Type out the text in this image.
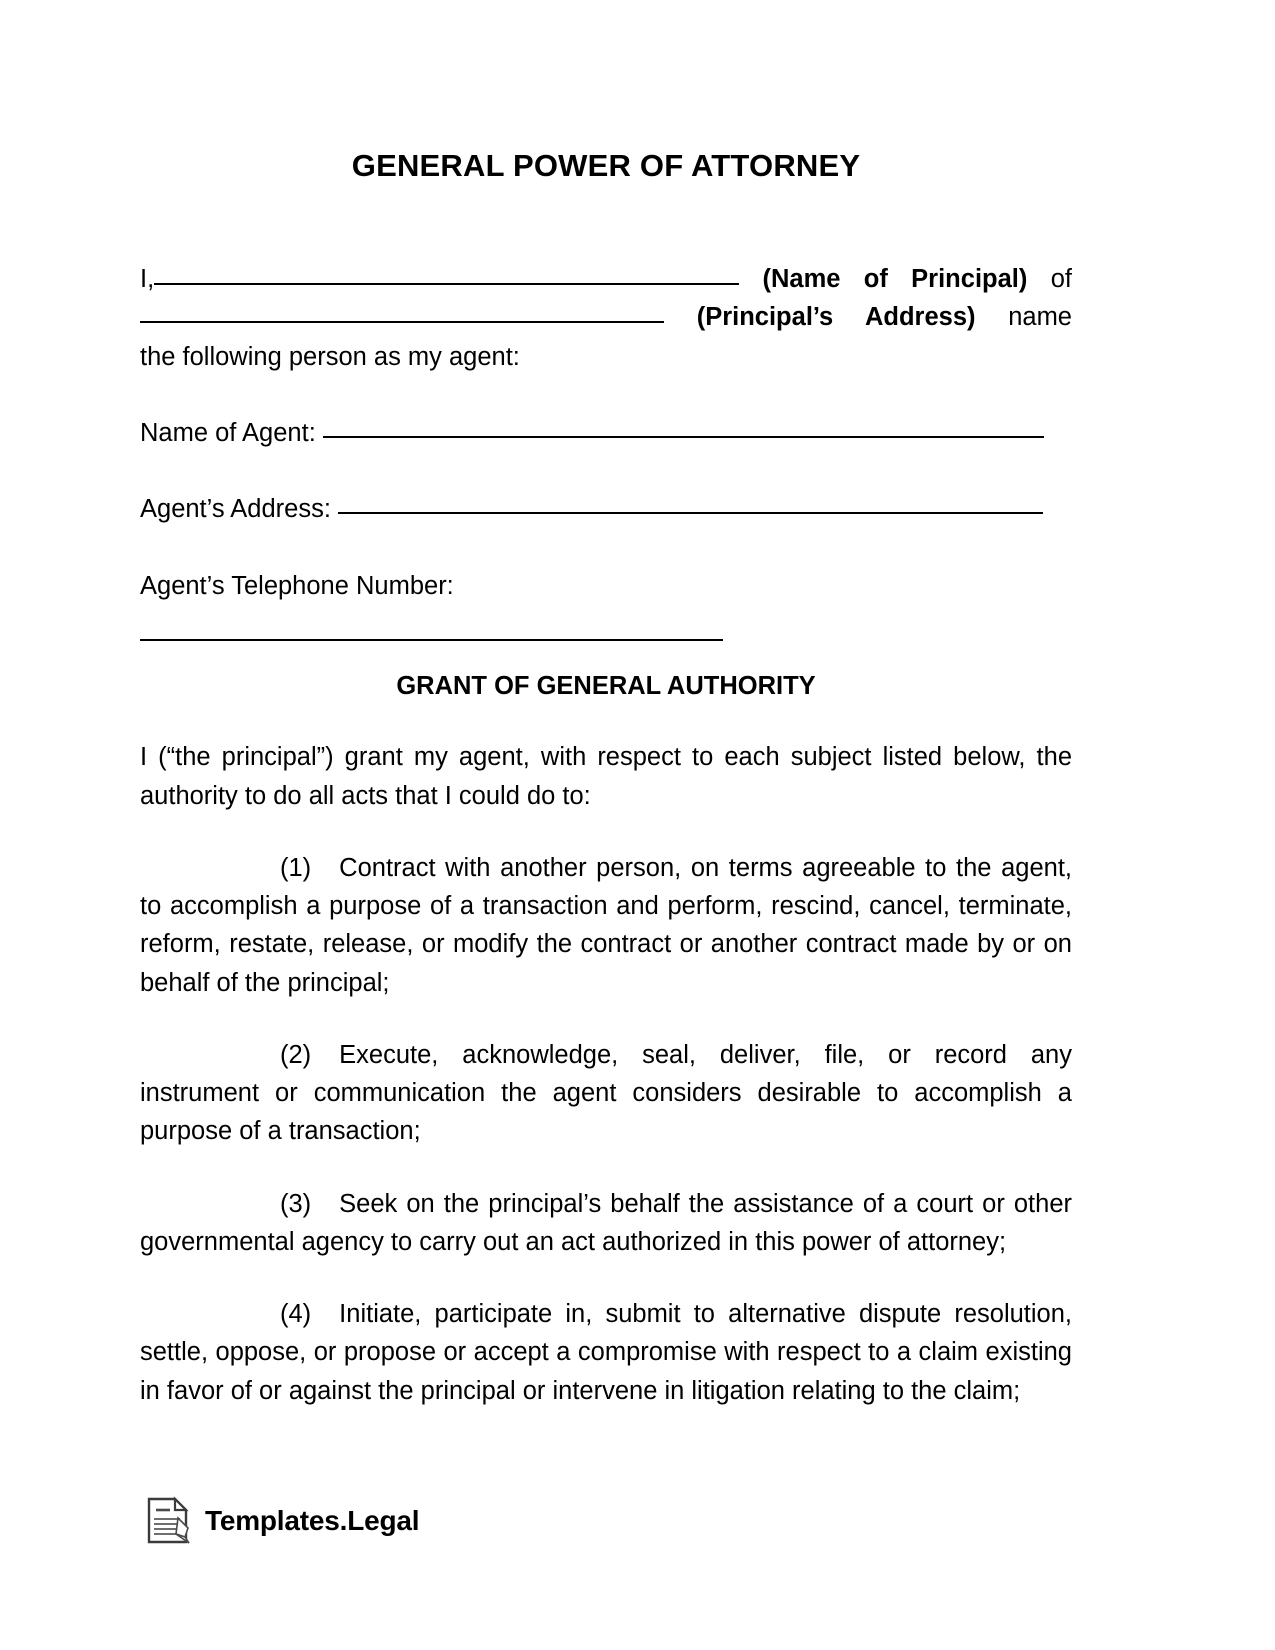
GENERAL POWER OF ATTORNEY
I,	(Name of Principal) of
(Principal’s Address) name
the following person as my agent:
Name of Agent:
Agent’s Address:
Agent’s Telephone Number:
GRANT OF GENERAL AUTHORITY

I (“the principal”) grant my agent, with respect to each subject listed below, the authority to do all acts that I could do to:

(1) Contract with another person, on terms agreeable to the agent, to accomplish a purpose of a transaction and perform, rescind, cancel, terminate, reform, restate, release, or modify the contract or another contract made by or on behalf of the principal;

(2) Execute, acknowledge, seal, deliver, file, or record any instrument or communication the agent considers desirable to accomplish a purpose of a transaction;

(3) Seek on the principal’s behalf the assistance of a court or other governmental agency to carry out an act authorized in this power of attorney;

(4) Initiate, participate in, submit to alternative dispute resolution, settle, oppose, or propose or accept a compromise with respect to a claim existing in favor of or against the principal or intervene in litigation relating to the claim;

Templates.Legal
